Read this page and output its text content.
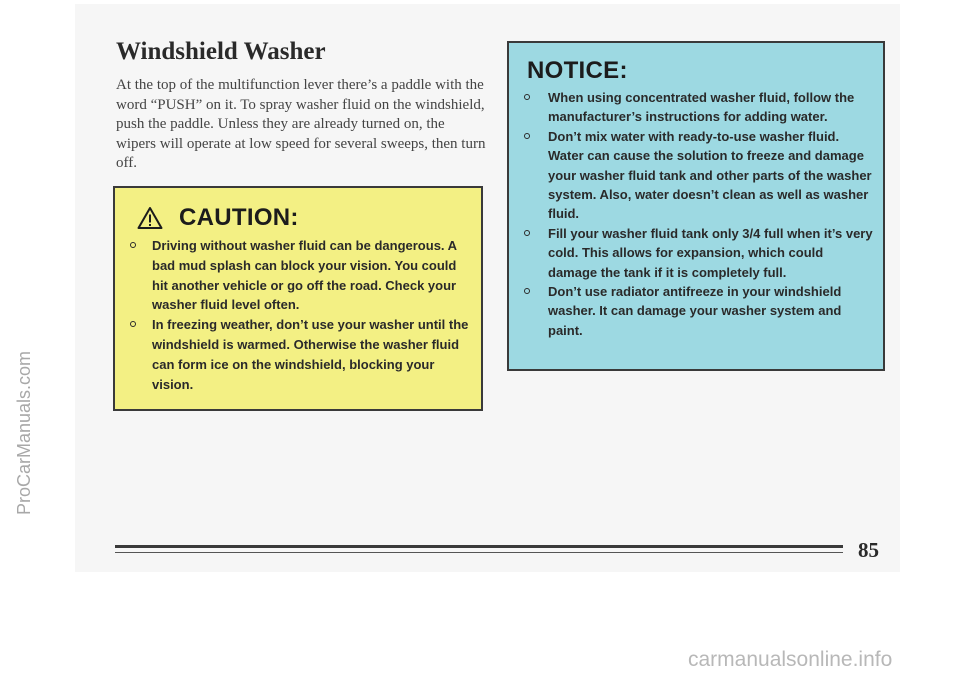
ProCarManuals.com
Windshield Washer

At the top of the multifunction lever there’s a paddle with the word “PUSH” on it. To spray washer fluid on the windshield, push the paddle. Unless they are already turned on, the wipers will operate at low speed for several sweeps, then turn off.

CAUTION:
Driving without washer fluid can be dangerous. A bad mud splash can block your vision. You could hit another vehicle or go off the road. Check your washer fluid level often.
In freezing weather, don’t use your washer until the windshield is warmed. Otherwise the washer fluid can form ice on the windshield, blocking your vision.
NOTICE:
When using concentrated washer fluid, follow the manufacturer’s instructions for adding water.
Don’t mix water with ready-to-use washer fluid. Water can cause the solution to freeze and damage your washer fluid tank and other parts of the washer system. Also, water doesn’t clean as well as washer fluid.
Fill your washer fluid tank only 3/4 full when it’s very cold. This allows for expansion, which could damage the tank if it is completely full.
Don’t use radiator antifreeze in your windshield washer. It can damage your washer system and paint.
85
carmanualsonline.info
